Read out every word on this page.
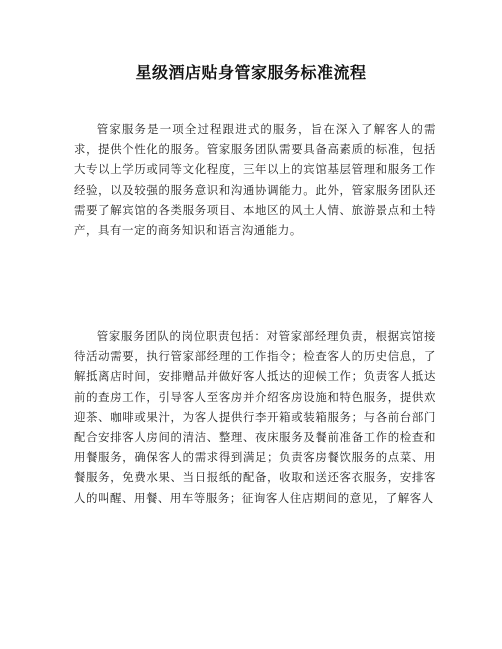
星级酒店贴身管家服务标准流程

管家服务是一项全过程跟进式的服务，旨在深入了解客人的需求，提供个性化的服务。管家服务团队需要具备高素质的标准，包括大专以上学历或同等文化程度，三年以上的宾馆基层管理和服务工作经验，以及较强的服务意识和沟通协调能力。此外，管家服务团队还需要了解宾馆的各类服务项目、本地区的风土人情、旅游景点和土特产，具有一定的商务知识和语言沟通能力。

管家服务团队的岗位职责包括：对管家部经理负责，根据宾馆接待活动需要，执行管家部经理的工作指令；检查客人的历史信息，了解抵离店时间，安排赠品并做好客人抵达的迎候工作；负责客人抵达前的查房工作，引导客人至客房并介绍客房设施和特色服务，提供欢迎茶、咖啡或果汁，为客人提供行李开箱或装箱服务；与各前台部门配合安排客人房间的清洁、整理、夜床服务及餐前准备工作的检查和用餐服务，确保客人的需求得到满足；负责客房餐饮服务的点菜、用餐服务，免费水果、当日报纸的配备，收取和送还客衣服务，安排客人的叫醒、用餐、用车等服务；征询客人住店期间的意见，了解客人
